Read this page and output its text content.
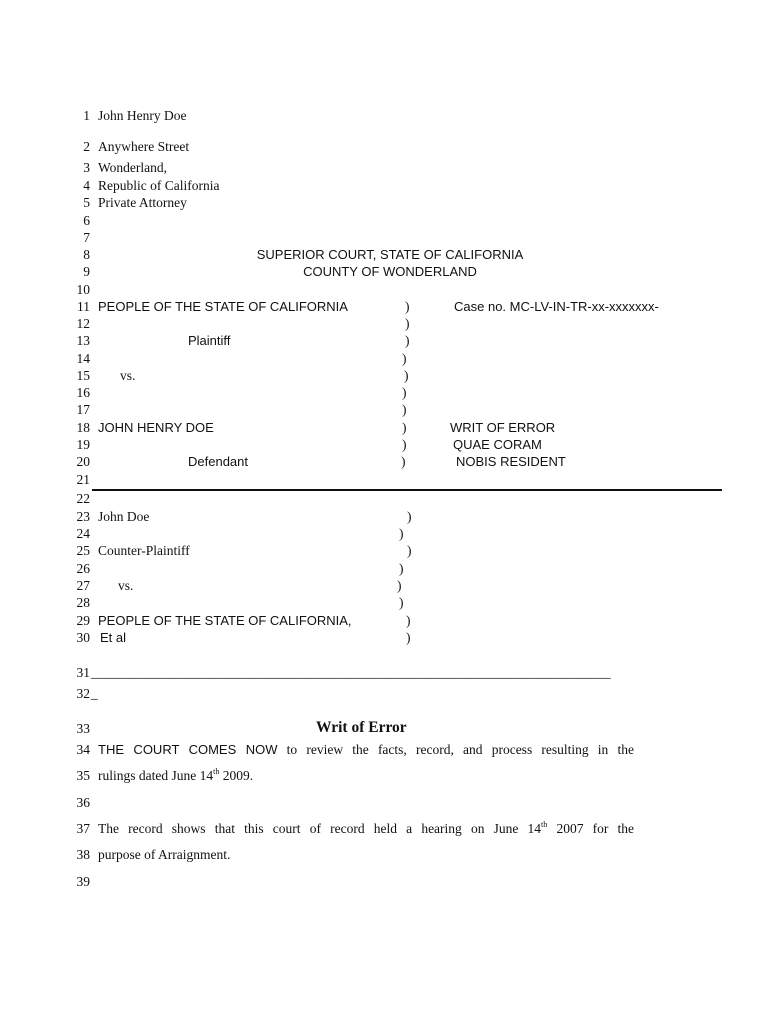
1
2
3
4
5
6
7
8
9
10
11
12
13
14
15
16
17
18
19
20
21
22
23
24
25
26
27
28
29
30
31
32
33
34
35
36
37
38
39
John Henry Doe
Anywhere Street
Wonderland,
Republic of California
Private Attorney
SUPERIOR COURT, STATE OF CALIFORNIA
COUNTY OF WONDERLAND
PEOPLE OF THE STATE OF CALIFORNIA
Plaintiff
vs.
JOHN HENRY DOE
Defendant
Case no. MC-LV-IN-TR-xx-xxxxxxx-
WRIT OF ERROR
QUAE CORAM
NOBIS RESIDENT
)
)
)
)
)
)
)
)
)
)
John Doe
Counter-Plaintiff
vs.
PEOPLE OF THE STATE OF CALIFORNIA,
Et al
)
)
)
)
)
)
)
)
_____________________________________________________________________________
_
Writ of Error
THE COURT COMES NOW to review the facts, record, and process resulting in the
rulings dated June 14th 2009.
The record shows that this court of record held a hearing on June 14th 2007 for the
purpose of Arraignment.
